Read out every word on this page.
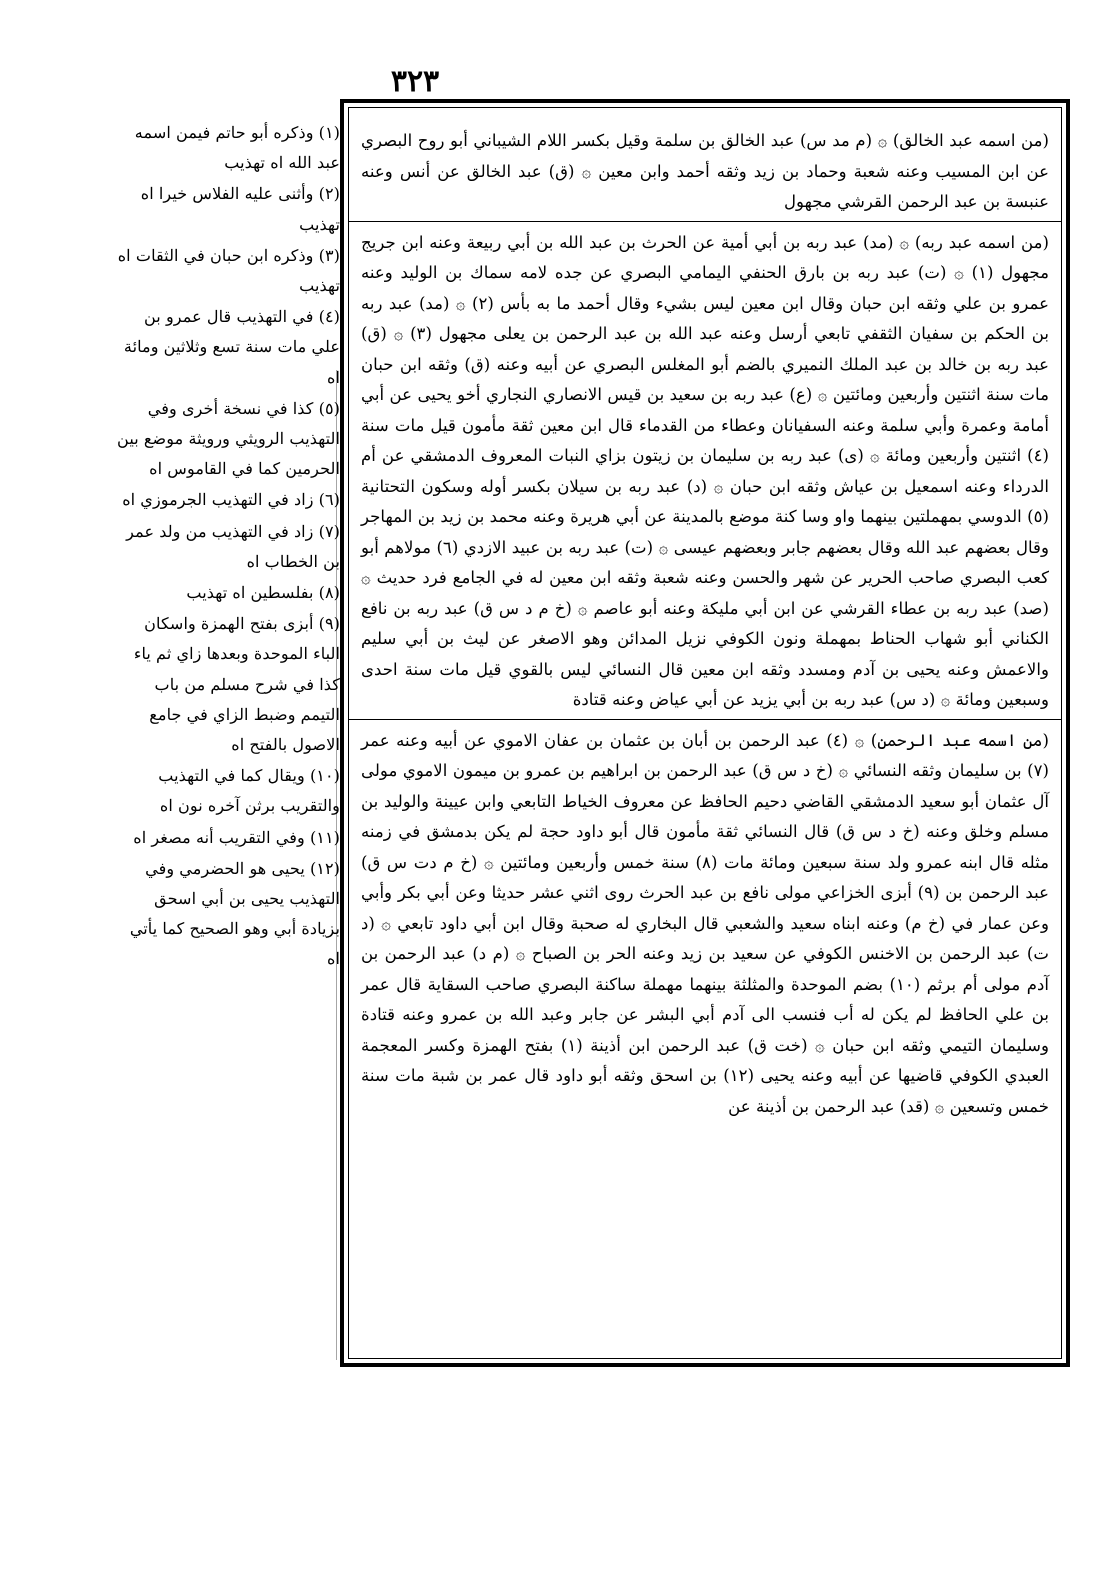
٣٢٣

(١) وذكره أبو حاتم فيمن اسمه عبد الله اه تهذيب

(٢) وأثنى عليه الفلاس خيرا اه تهذيب

(٣) وذكره ابن حبان في الثقات اه تهذيب

(٤) في التهذيب قال عمرو بن علي مات سنة تسع وثلاثين ومائة اه

(٥) كذا في نسخة أخرى وفي التهذيب الرويثي ورويثة موضع بين الحرمين كما في القاموس اه

(٦) زاد في التهذيب الجرموزي اه

(٧) زاد في التهذيب من ولد عمر بن الخطاب اه

(٨) بفلسطين اه تهذيب

(٩) أبزى بفتح الهمزة واسكان الباء الموحدة وبعدها زاي ثم ياء كذا في شرح مسلم من باب التيمم وضبط الزاي في جامع الاصول بالفتح اه

(١٠) ويقال كما في التهذيب والتقريب برثن آخره نون اه

(١١) وفي التقريب أنه مصغر اه

(١٢) يحيى هو الحضرمي وفي التهذيب يحيى بن أبي اسحق بزيادة أبي وهو الصحيح كما يأتي اه

(من اسمه عبد الخالق) ۞ (م مد س) عبد الخالق بن سلمة وقيل بكسر اللام الشيباني أبو روح البصري عن ابن المسيب وعنه شعبة وحماد بن زيد وثقه أحمد وابن معين ۞ (ق) عبد الخالق عن أنس وعنه عنبسة بن عبد الرحمن القرشي مجهول

(من اسمه عبد ربه) ۞ (مد) عبد ربه بن أبي أمية عن الحرث بن عبد الله بن أبي ربيعة وعنه ابن جريج مجهول (١) ۞ (ت) عبد ربه بن بارق الحنفي اليمامي البصري عن جده لامه سماك بن الوليد وعنه عمرو بن علي وثقه ابن حبان وقال ابن معين ليس بشيء وقال أحمد ما به بأس (٢) ۞ (مد) عبد ربه بن الحكم بن سفيان الثقفي تابعي أرسل وعنه عبد الله بن عبد الرحمن بن يعلى مجهول (٣) ۞ (ق) عبد ربه بن خالد بن عبد الملك النميري بالضم أبو المغلس البصري عن أبيه وعنه (ق) وثقه ابن حبان مات سنة اثنتين وأربعين ومائتين ۞ (ع) عبد ربه بن سعيد بن قيس الانصاري النجاري أخو يحيى عن أبي أمامة وعمرة وأبي سلمة وعنه السفيانان وعطاء من القدماء قال ابن معين ثقة مأمون قيل مات سنة (٤) اثنتين وأربعين ومائة ۞ (ى) عبد ربه بن سليمان بن زيتون بزاي النبات المعروف الدمشقي عن أم الدرداء وعنه اسمعيل بن عياش وثقه ابن حبان ۞ (د) عبد ربه بن سيلان بكسر أوله وسكون التحتانية (٥) الدوسي بمهملتين بينهما واو وسا كنة موضع بالمدينة عن أبي هريرة وعنه محمد بن زيد بن المهاجر وقال بعضهم عبد الله وقال بعضهم جابر وبعضهم عيسى ۞ (ت) عبد ربه بن عبيد الازدي (٦) مولاهم أبو كعب البصري صاحب الحرير عن شهر والحسن وعنه شعبة وثقه ابن معين له في الجامع فرد حديث ۞ (صد) عبد ربه بن عطاء القرشي عن ابن أبي مليكة وعنه أبو عاصم ۞ (خ م د س ق) عبد ربه بن نافع الكناني أبو شهاب الحناط بمهملة ونون الكوفي نزيل المدائن وهو الاصغر عن ليث بن أبي سليم والاعمش وعنه يحيى بن آدم ومسدد وثقه ابن معين قال النسائي ليس بالقوي قيل مات سنة احدى وسبعين ومائة ۞ (د س) عبد ربه بن أبي يزيد عن أبي عياض وعنه قتادة

(من اسمه عبد الرحمن) ۞ (٤) عبد الرحمن بن أبان بن عثمان بن عفان الاموي عن أبيه وعنه عمر (٧) بن سليمان وثقه النسائي ۞ (خ د س ق) عبد الرحمن بن ابراهيم بن عمرو بن ميمون الاموي مولى آل عثمان أبو سعيد الدمشقي القاضي دحيم الحافظ عن معروف الخياط التابعي وابن عيينة والوليد بن مسلم وخلق وعنه (خ د س ق) قال النسائي ثقة مأمون قال أبو داود حجة لم يكن بدمشق في زمنه مثله قال ابنه عمرو ولد سنة سبعين ومائة مات (٨) سنة خمس وأربعين ومائتين ۞ (خ م دت س ق) عبد الرحمن بن (٩) أبزى الخزاعي مولى نافع بن عبد الحرث روى اثني عشر حديثا وعن أبي بكر وأبي وعن عمار في (خ م) وعنه ابناه سعيد والشعبي قال البخاري له صحبة وقال ابن أبي داود تابعي ۞ (د ت) عبد الرحمن بن الاخنس الكوفي عن سعيد بن زيد وعنه الحر بن الصباح ۞ (م د) عبد الرحمن بن آدم مولى أم برثم (١٠) بضم الموحدة والمثلثة بينهما مهملة ساكنة البصري صاحب السقاية قال عمر بن علي الحافظ لم يكن له أب فنسب الى آدم أبي البشر عن جابر وعبد الله بن عمرو وعنه قتادة وسليمان التيمي وثقه ابن حبان ۞ (خت ق) عبد الرحمن ابن أذينة (١) بفتح الهمزة وكسر المعجمة العبدي الكوفي قاضيها عن أبيه وعنه يحيى (١٢) بن اسحق وثقه أبو داود قال عمر بن شبة مات سنة خمس وتسعين ۞ (قد) عبد الرحمن بن أذينة عن
